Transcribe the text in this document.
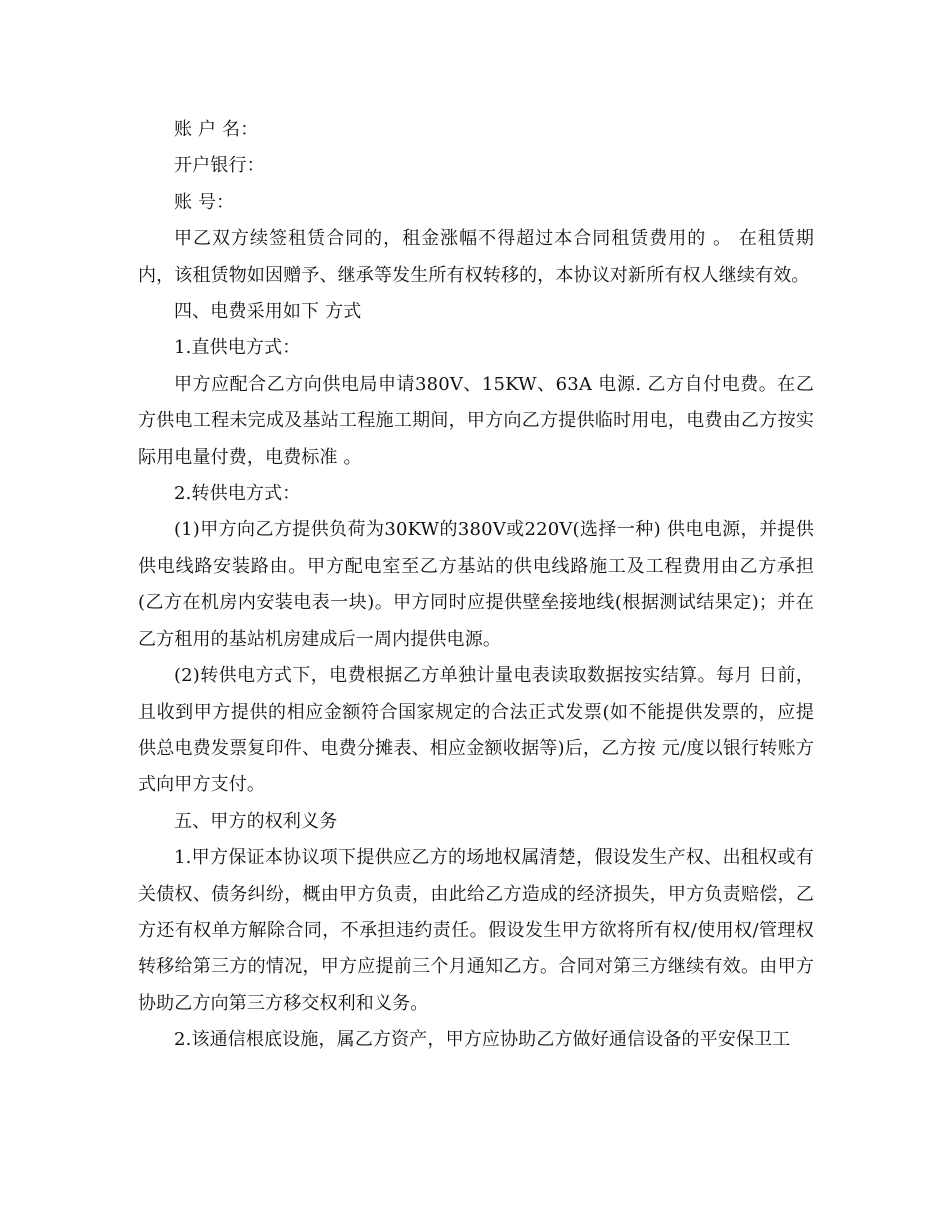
账 户 名：

开户银行：

账 号：

甲乙双方续签租赁合同的，租金涨幅不得超过本合同租赁费用的 。 在租赁期内，该租赁物如因赠予、继承等发生所有权转移的，本协议对新所有权人继续有效。

四、电费采用如下 方式

1.直供电方式：

甲方应配合乙方向供电局申请380V、15KW、63A 电源. 乙方自付电费。在乙方供电工程未完成及基站工程施工期间，甲方向乙方提供临时用电，电费由乙方按实际用电量付费，电费标准 。

2.转供电方式：

(1)甲方向乙方提供负荷为30KW的380V或220V(选择一种) 供电电源，并提供供电线路安装路由。甲方配电室至乙方基站的供电线路施工及工程费用由乙方承担(乙方在机房内安装电表一块)。甲方同时应提供壁垒接地线(根据测试结果定)；并在乙方租用的基站机房建成后一周内提供电源。

(2)转供电方式下，电费根据乙方单独计量电表读取数据按实结算。每月 日前，且收到甲方提供的相应金额符合国家规定的合法正式发票(如不能提供发票的，应提供总电费发票复印件、电费分摊表、相应金额收据等)后，乙方按 元/度以银行转账方式向甲方支付。

五、甲方的权利义务

1.甲方保证本协议项下提供应乙方的场地权属清楚，假设发生产权、出租权或有关债权、债务纠纷，概由甲方负责，由此给乙方造成的经济损失，甲方负责赔偿，乙方还有权单方解除合同，不承担违约责任。假设发生甲方欲将所有权/使用权/管理权转移给第三方的情况，甲方应提前三个月通知乙方。合同对第三方继续有效。由甲方协助乙方向第三方移交权利和义务。

2.该通信根底设施，属乙方资产，甲方应协助乙方做好通信设备的平安保卫工
